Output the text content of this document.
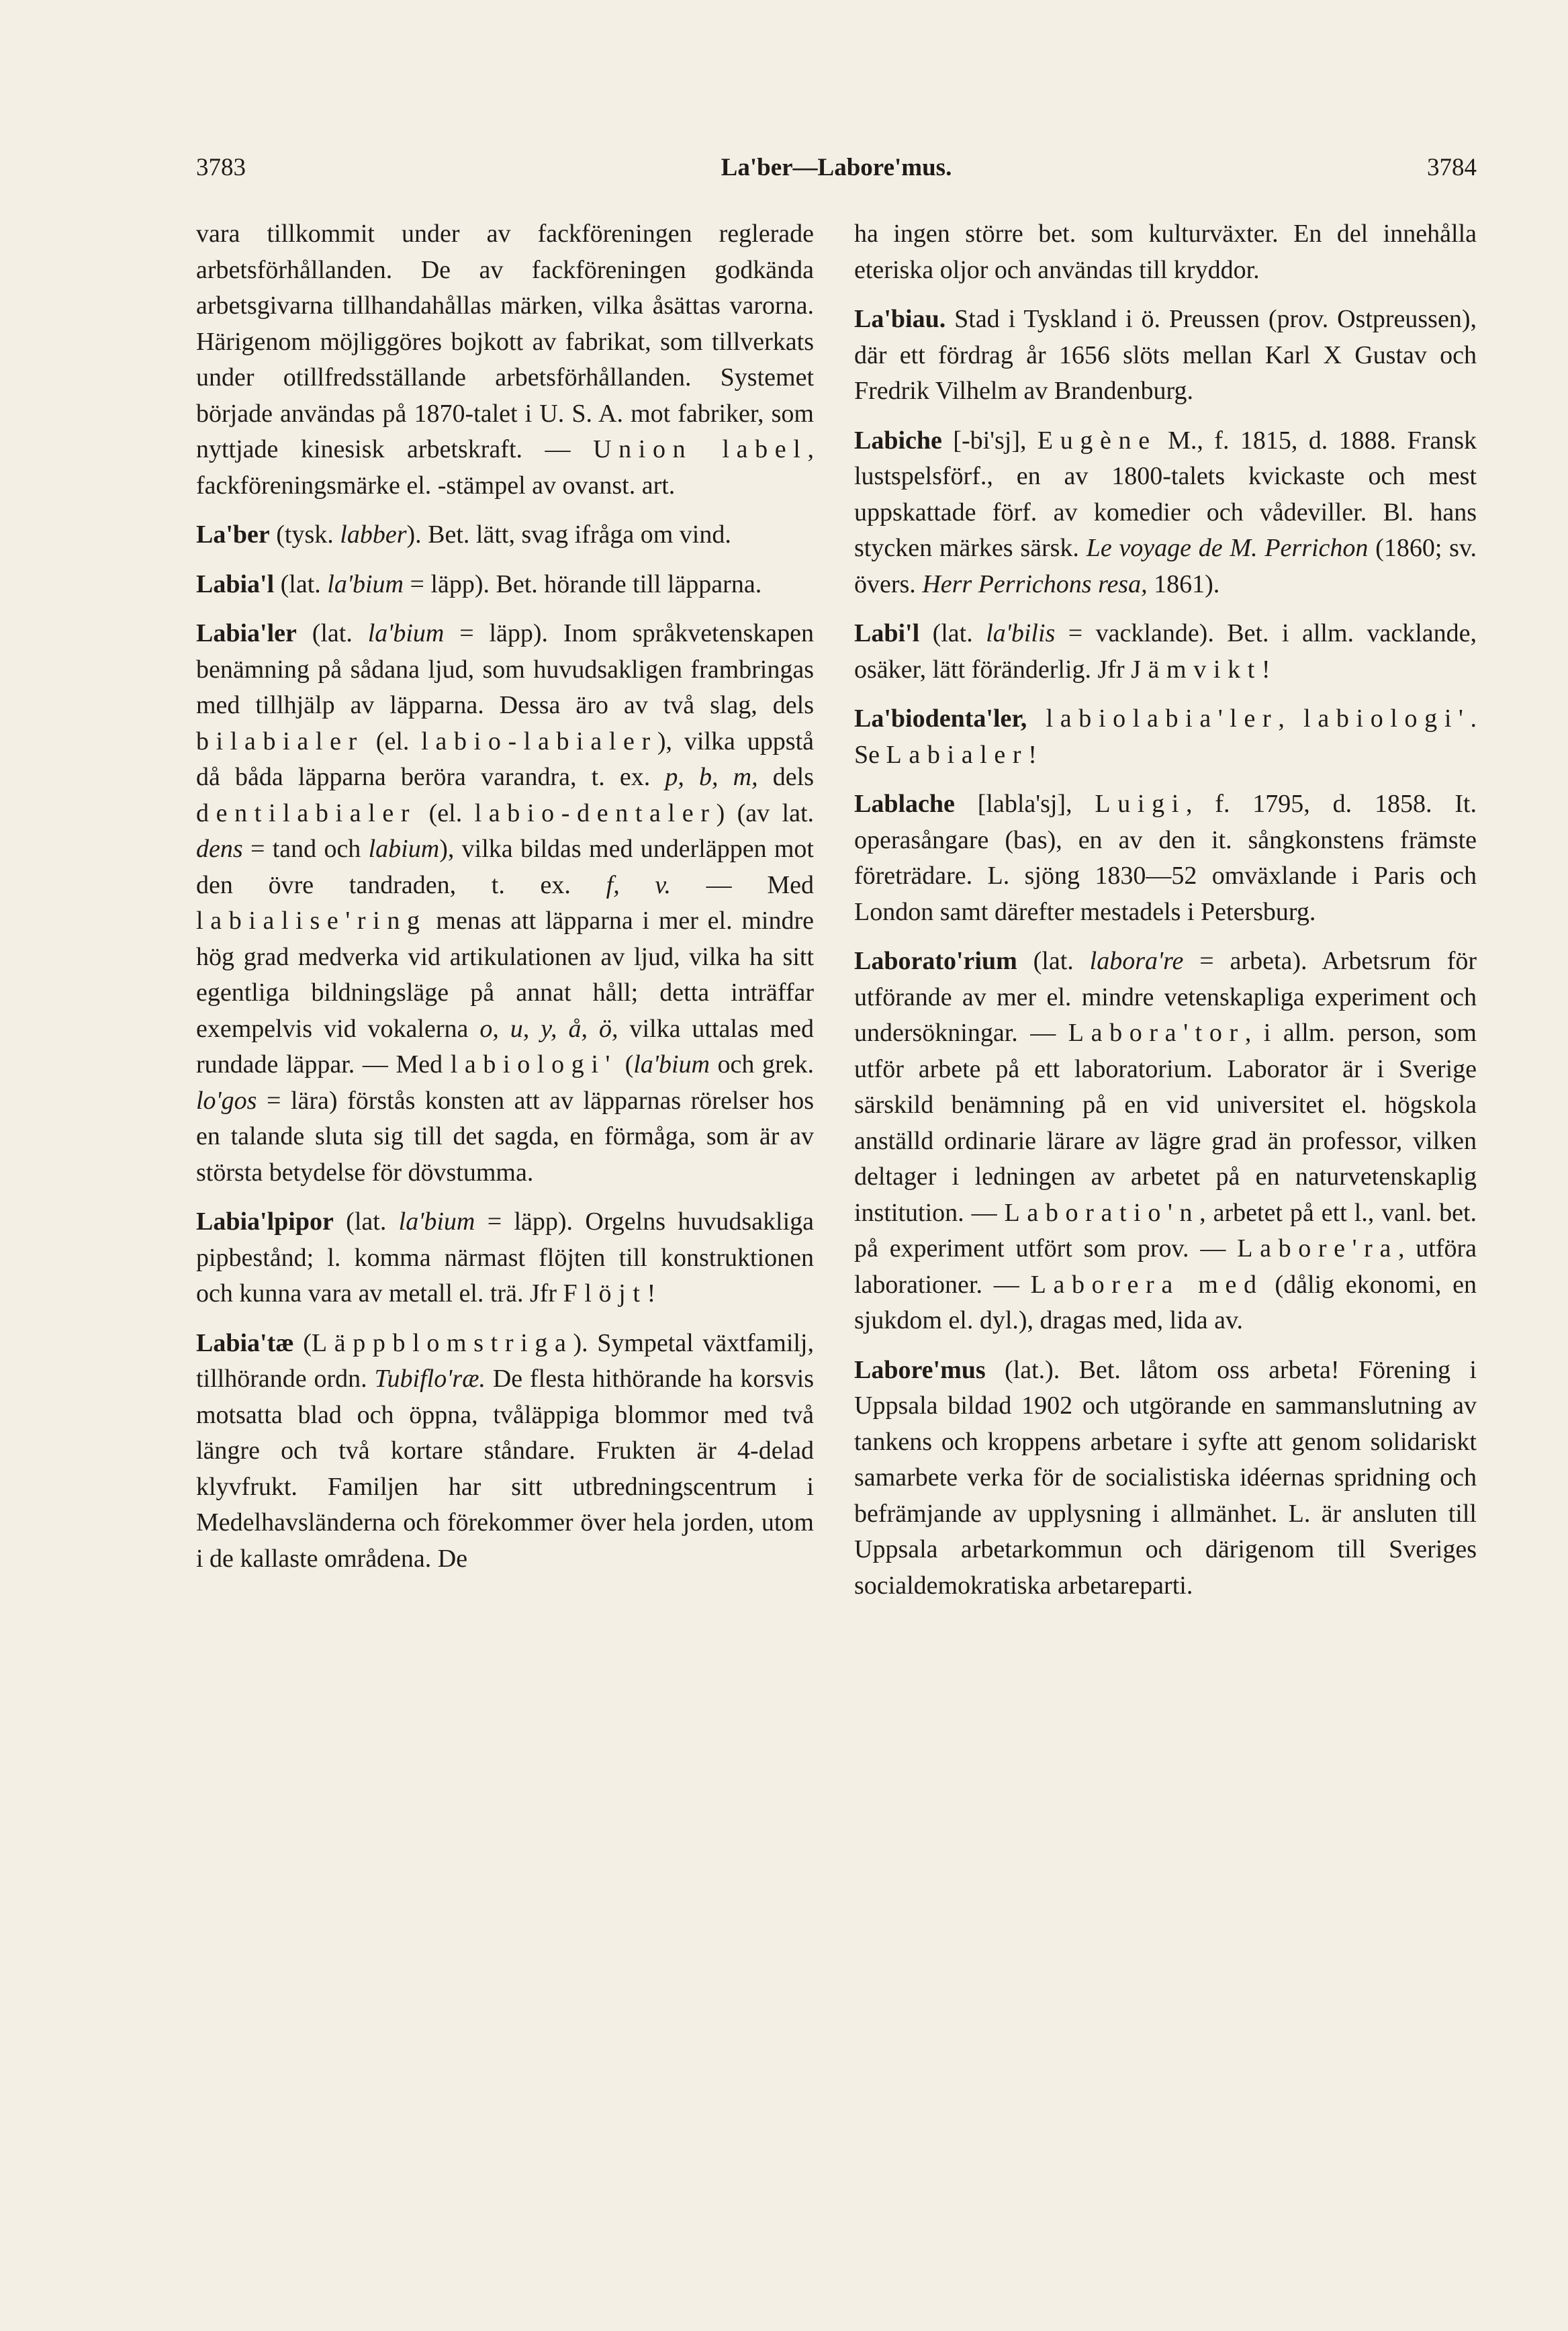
3783	La'ber—Labore'mus.	3784

vara tillkommit under av fackföreningen reglerade arbetsförhållanden. De av fackföreningen godkända arbetsgivarna tillhandahållas märken, vilka åsättas varorna. Härigenom möjliggöres bojkott av fabrikat, som tillverkats under otillfredsställande arbetsförhållanden. Systemet började användas på 1870-talet i U. S. A. mot fabriker, som nyttjade kinesisk arbetskraft. — Union label, fackföreningsmärke el. -stämpel av ovanst. art.

La'ber (tysk. labber). Bet. lätt, svag ifråga om vind.

Labia'l (lat. la'bium = läpp). Bet. hörande till läpparna.

Labia'ler (lat. la'bium = läpp). Inom språkvetenskapen benämning på sådana ljud, som huvudsakligen frambringas med tillhjälp av läpparna. Dessa äro av två slag, dels bilabialer (el. labio-labialer), vilka uppstå då båda läpparna beröra varandra, t. ex. p, b, m, dels dentilabialer (el. labio-dentaler) (av lat. dens = tand och labium), vilka bildas med underläppen mot den övre tandraden, t. ex. f, v. — Med labialise'ring menas att läpparna i mer el. mindre hög grad medverka vid artikulationen av ljud, vilka ha sitt egentliga bildningsläge på annat håll; detta inträffar exempelvis vid vokalerna o, u, y, å, ö, vilka uttalas med rundade läppar. — Med labiologi' (la'bium och grek. lo'gos = lära) förstås konsten att av läpparnas rörelser hos en talande sluta sig till det sagda, en förmåga, som är av största betydelse för dövstumma.

Labia'lpipor (lat. la'bium = läpp). Orgelns huvudsakliga pipbestånd; l. komma närmast flöjten till konstruktionen och kunna vara av metall el. trä. Jfr Flöjt!

Labia'tæ (Läppblomstriga). Sympetal växtfamilj, tillhörande ordn. Tubiflo'ræ. De flesta hithörande ha korsvis motsatta blad och öppna, tvåläppiga blommor med två längre och två kortare ståndare. Frukten är 4-delad klyvfrukt. Familjen har sitt utbredningscentrum i Medelhavsländerna och förekommer över hela jorden, utom i de kallaste områdena. De

ha ingen större bet. som kulturväxter. En del innehålla eteriska oljor och användas till kryddor.

La'biau. Stad i Tyskland i ö. Preussen (prov. Ostpreussen), där ett fördrag år 1656 slöts mellan Karl X Gustav och Fredrik Vilhelm av Brandenburg.

Labiche [-bi'sj], Eugène M., f. 1815, d. 1888. Fransk lustspelsförf., en av 1800-talets kvickaste och mest uppskattade förf. av komedier och vådeviller. Bl. hans stycken märkes särsk. Le voyage de M. Perrichon (1860; sv. övers. Herr Perrichons resa, 1861).

Labi'l (lat. la'bilis = vacklande). Bet. i allm. vacklande, osäker, lätt föränderlig. Jfr Jämvikt!

La'biodenta'ler, labiolabia'ler, labiologi'. Se Labialer!

Lablache [labla'sj], Luigi, f. 1795, d. 1858. It. operasångare (bas), en av den it. sångkonstens främste företrädare. L. sjöng 1830—52 omväxlande i Paris och London samt därefter mestadels i Petersburg.

Laborato'rium (lat. labora're = arbeta). Arbetsrum för utförande av mer el. mindre vetenskapliga experiment och undersökningar. — Labora'tor, i allm. person, som utför arbete på ett laboratorium. Laborator är i Sverige särskild benämning på en vid universitet el. högskola anställd ordinarie lärare av lägre grad än professor, vilken deltager i ledningen av arbetet på en naturvetenskaplig institution. — Laboratio'n, arbetet på ett l., vanl. bet. på experiment utfört som prov. — Labore'ra, utföra laborationer. — Laborera med (dålig ekonomi, en sjukdom el. dyl.), dragas med, lida av.

Labore'mus (lat.). Bet. låtom oss arbeta! Förening i Uppsala bildad 1902 och utgörande en sammanslutning av tankens och kroppens arbetare i syfte att genom solidariskt samarbete verka för de socialistiska idéernas spridning och befrämjande av upplysning i allmänhet. L. är ansluten till Uppsala arbetarkommun och därigenom till Sveriges socialdemokratiska arbetareparti.
